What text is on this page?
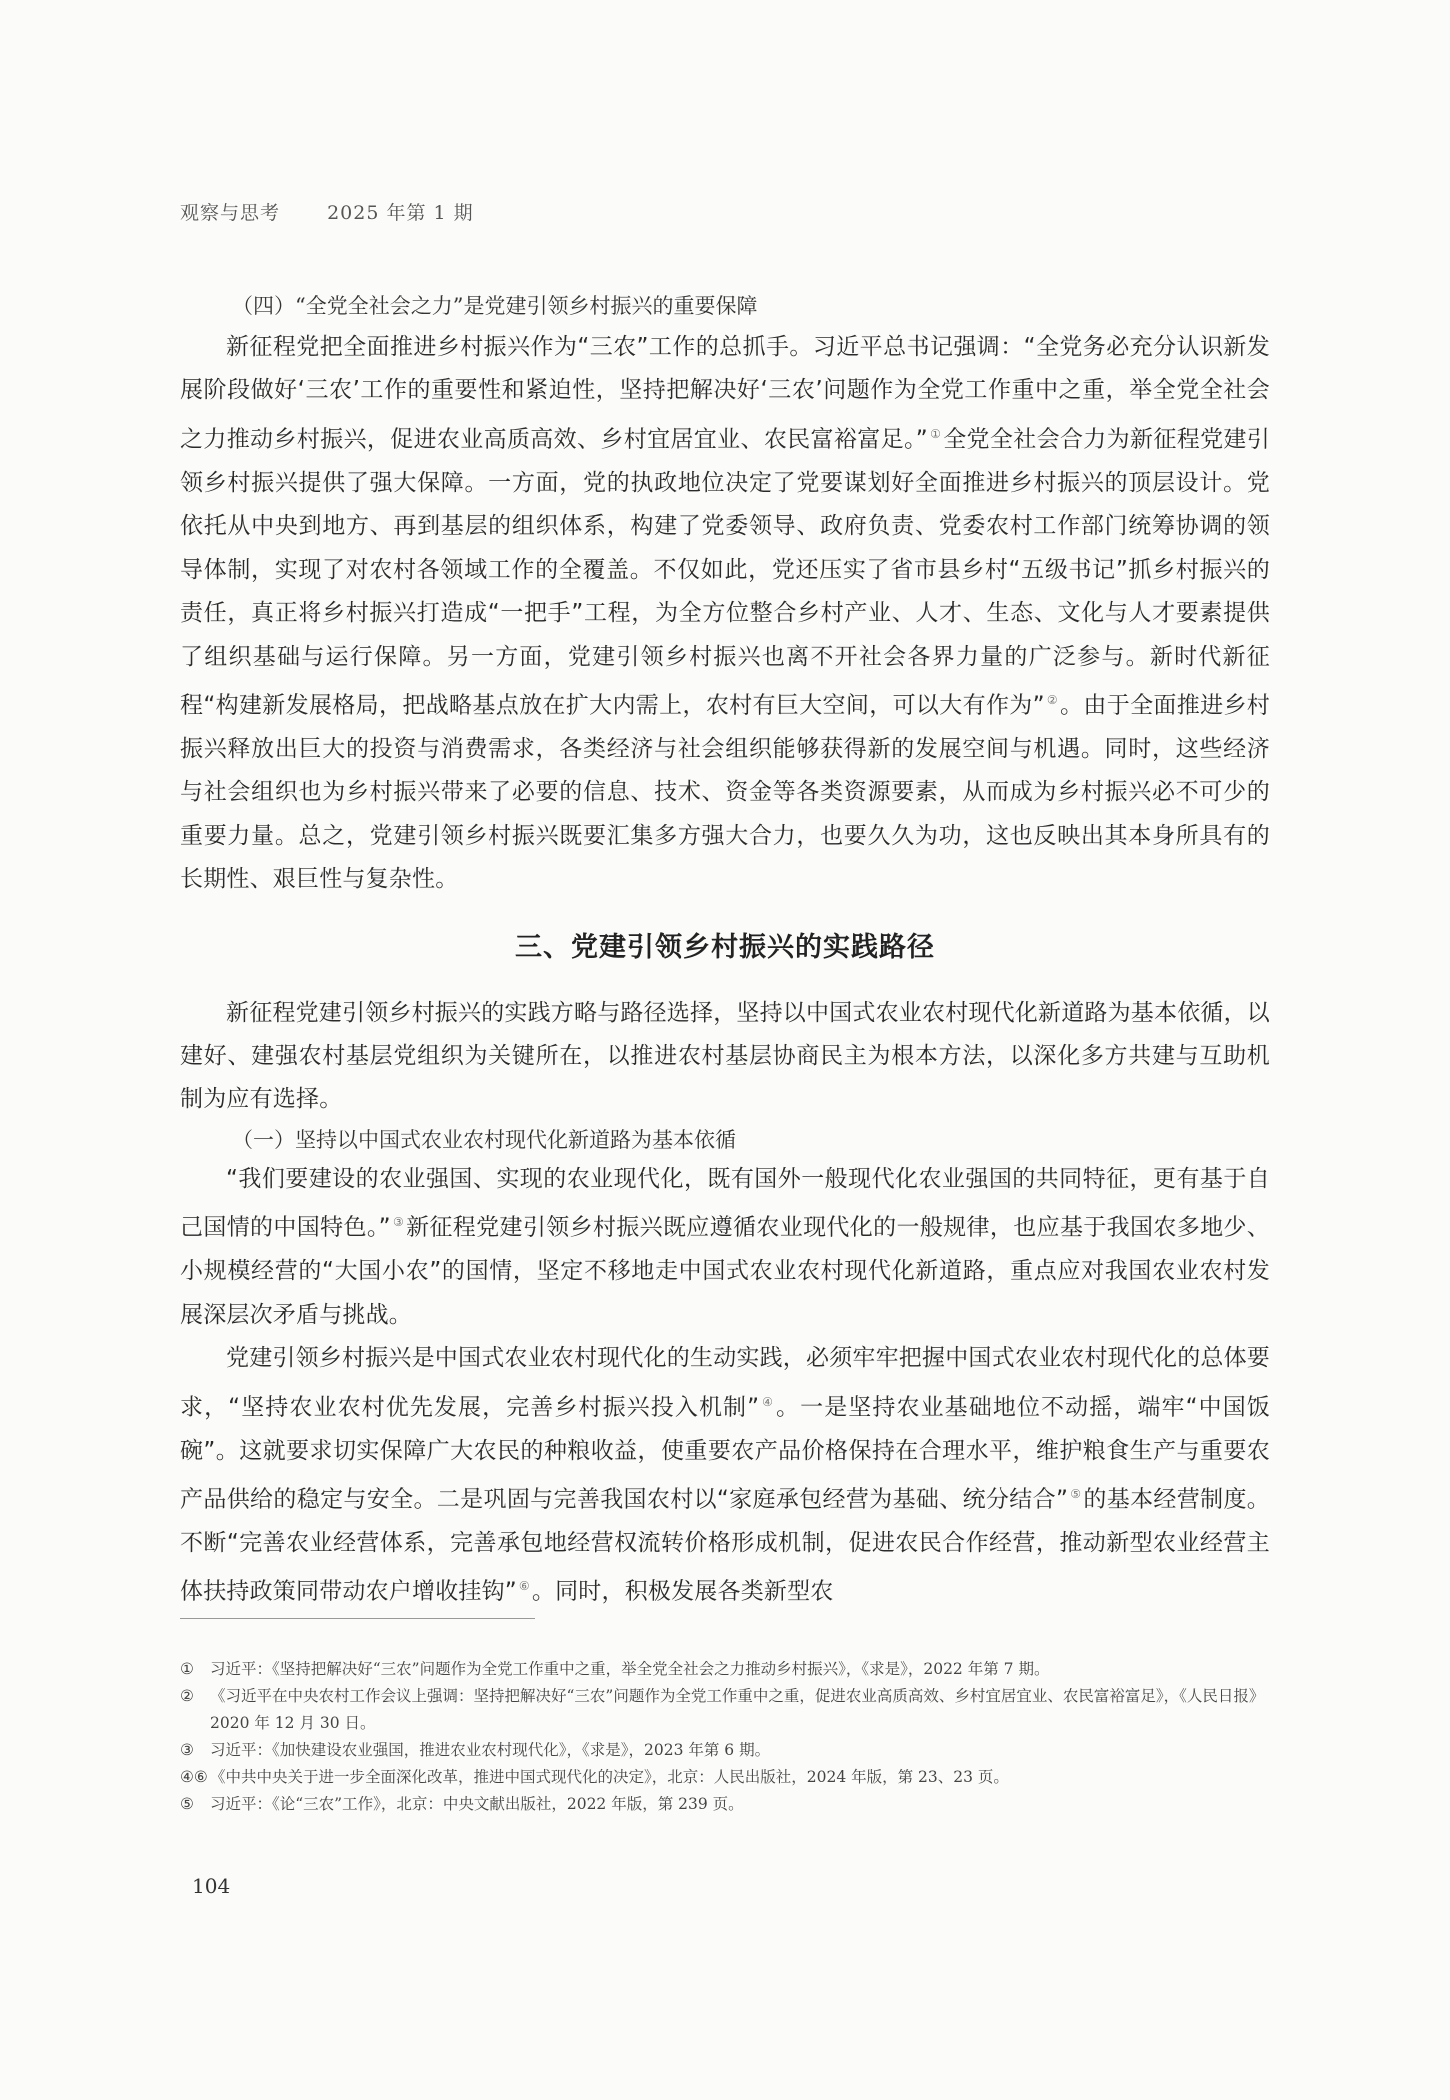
观察与思考 2025 年第 1 期

（四）“全党全社会之力”是党建引领乡村振兴的重要保障

新征程党把全面推进乡村振兴作为“三农”工作的总抓手。习近平总书记强调：“全党务必充分认识新发展阶段做好‘三农’工作的重要性和紧迫性，坚持把解决好‘三农’问题作为全党工作重中之重，举全党全社会之力推动乡村振兴，促进农业高质高效、乡村宜居宜业、农民富裕富足。” ①全党全社会合力为新征程党建引领乡村振兴提供了强大保障。一方面，党的执政地位决定了党要谋划好全面推进乡村振兴的顶层设计。党依托从中央到地方、再到基层的组织体系，构建了党委领导、政府负责、党委农村工作部门统筹协调的领导体制，实现了对农村各领域工作的全覆盖。不仅如此，党还压实了省市县乡村“五级书记”抓乡村振兴的责任，真正将乡村振兴打造成“一把手”工程，为全方位整合乡村产业、人才、生态、文化与人才要素提供了组织基础与运行保障。另一方面，党建引领乡村振兴也离不开社会各界力量的广泛参与。新时代新征程“构建新发展格局，把战略基点放在扩大内需上，农村有巨大空间，可以大有作为” ②。由于全面推进乡村振兴释放出巨大的投资与消费需求，各类经济与社会组织能够获得新的发展空间与机遇。同时，这些经济与社会组织也为乡村振兴带来了必要的信息、技术、资金等各类资源要素，从而成为乡村振兴必不可少的重要力量。总之，党建引领乡村振兴既要汇集多方强大合力，也要久久为功，这也反映出其本身所具有的长期性、艰巨性与复杂性。

三、党建引领乡村振兴的实践路径

新征程党建引领乡村振兴的实践方略与路径选择，坚持以中国式农业农村现代化新道路为基本依循，以建好、建强农村基层党组织为关键所在，以推进农村基层协商民主为根本方法，以深化多方共建与互助机制为应有选择。

（一）坚持以中国式农业农村现代化新道路为基本依循

“我们要建设的农业强国、实现的农业现代化，既有国外一般现代化农业强国的共同特征，更有基于自己国情的中国特色。” ③新征程党建引领乡村振兴既应遵循农业现代化的一般规律，也应基于我国农多地少、小规模经营的“大国小农”的国情，坚定不移地走中国式农业农村现代化新道路，重点应对我国农业农村发展深层次矛盾与挑战。

党建引领乡村振兴是中国式农业农村现代化的生动实践，必须牢牢把握中国式农业农村现代化的总体要求，“坚持农业农村优先发展，完善乡村振兴投入机制” ④。一是坚持农业基础地位不动摇，端牢“中国饭碗”。这就要求切实保障广大农民的种粮收益，使重要农产品价格保持在合理水平，维护粮食生产与重要农产品供给的稳定与安全。二是巩固与完善我国农村以“家庭承包经营为基础、统分结合” ⑤的基本经营制度。不断“完善农业经营体系，完善承包地经营权流转价格形成机制，促进农民合作经营，推动新型农业经营主体扶持政策同带动农户增收挂钩” ⑥。同时，积极发展各类新型农

① 习近平：《坚持把解决好“三农”问题作为全党工作重中之重，举全党全社会之力推动乡村振兴》，《求是》，2022 年第 7 期。

② 《习近平在中央农村工作会议上强调：坚持把解决好“三农”问题作为全党工作重中之重，促进农业高质高效、乡村宜居宜业、农民富裕富足》，《人民日报》2020 年 12 月 30 日。

③ 习近平：《加快建设农业强国，推进农业农村现代化》，《求是》，2023 年第 6 期。

④⑥ 《中共中央关于进一步全面深化改革，推进中国式现代化的决定》，北京：人民出版社，2024 年版，第 23、23 页。

⑤ 习近平：《论“三农”工作》，北京：中央文献出版社，2022 年版，第 239 页。

104
